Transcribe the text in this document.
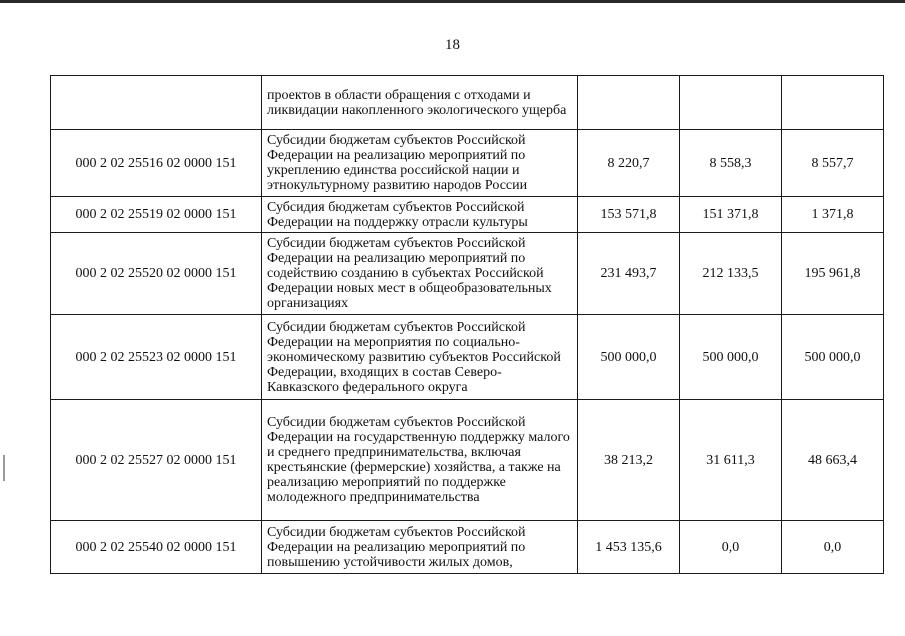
18
	проектов в области обращения с отходами и ликвидации накопленного экологического ущерба			
000 2 02 25516 02 0000 151	Субсидии бюджетам субъектов Российской Федерации на реализацию мероприятий по укреплению единства российской нации и этнокультурному развитию народов России	8 220,7	8 558,3	8 557,7
000 2 02 25519 02 0000 151	Субсидия бюджетам субъектов Российской Федерации на поддержку отрасли культуры	153 571,8	151 371,8	1 371,8
000 2 02 25520 02 0000 151	Субсидии бюджетам субъектов Российской Федерации на реализацию мероприятий по содействию созданию в субъектах Российской Федерации новых мест в общеобразовательных организациях	231 493,7	212 133,5	195 961,8
000 2 02 25523 02 0000 151	Субсидии бюджетам субъектов Российской Федерации на мероприятия по социально-экономическому развитию субъектов Российской Федерации, входящих в состав Северо-Кавказского федерального округа	500 000,0	500 000,0	500 000,0
000 2 02 25527 02 0000 151	Субсидии бюджетам субъектов Российской Федерации на государственную поддержку малого и среднего предпринимательства, включая крестьянские (фермерские) хозяйства, а также на реализацию мероприятий по поддержке молодежного предпринимательства	38 213,2	31 611,3	48 663,4
000 2 02 25540 02 0000 151	Субсидии бюджетам субъектов Российской Федерации на реализацию мероприятий по повышению устойчивости жилых домов,	1 453 135,6	0,0	0,0
